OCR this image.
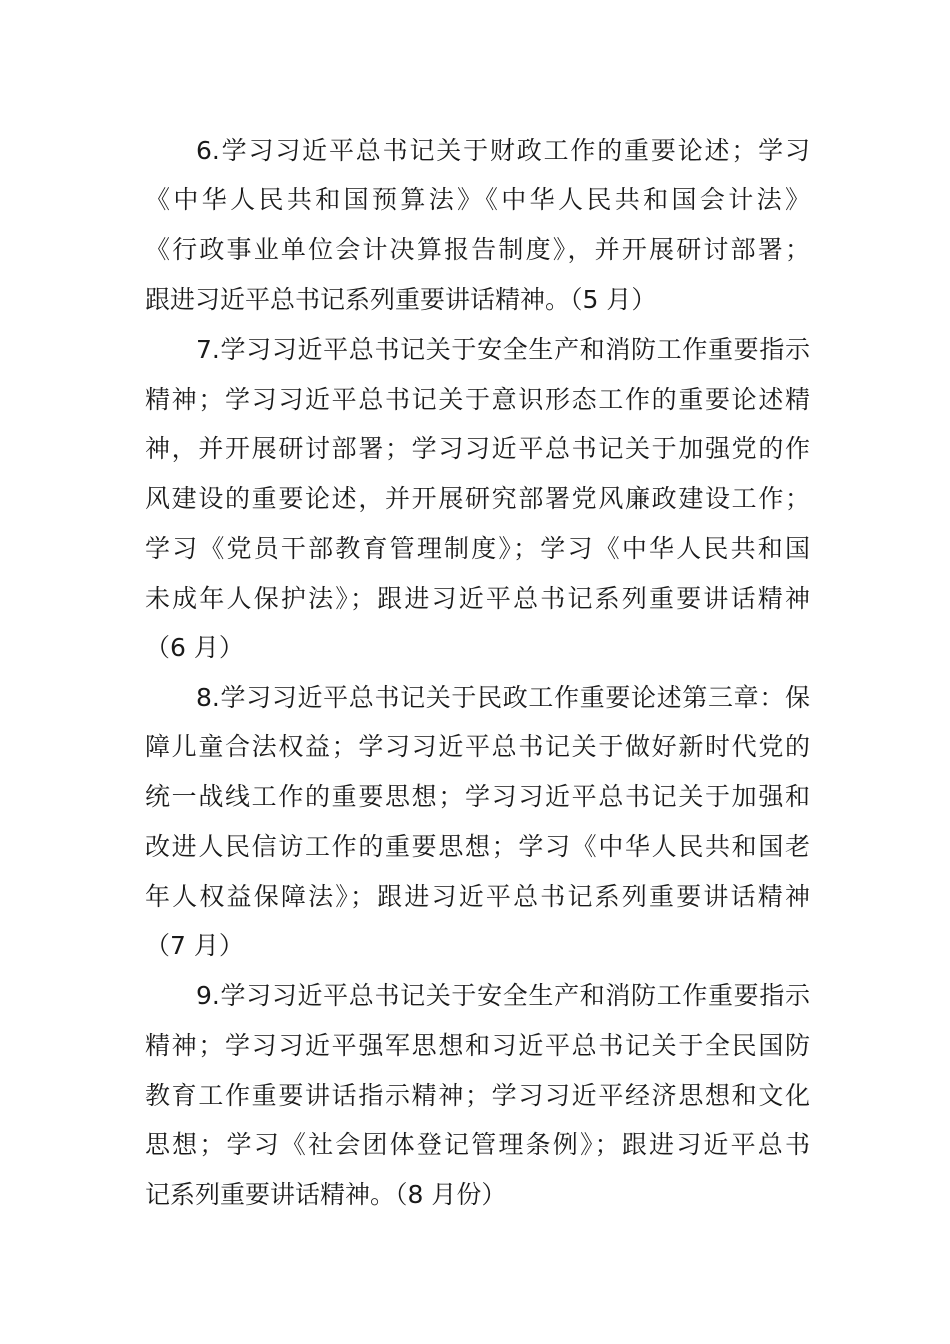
6.学习习近平总书记关于财政工作的重要论述；学习
《中华人民共和国预算法》《中华人民共和国会计法》
《行政事业单位会计决算报告制度》，并开展研讨部署；
跟进习近平总书记系列重要讲话精神。（5 月）
7.学习习近平总书记关于安全生产和消防工作重要指示
精神；学习习近平总书记关于意识形态工作的重要论述精
神，并开展研讨部署；学习习近平总书记关于加强党的作
风建设的重要论述，并开展研究部署党风廉政建设工作；
学习《党员干部教育管理制度》；学习《中华人民共和国
未成年人保护法》；跟进习近平总书记系列重要讲话精神
（6 月）
8.学习习近平总书记关于民政工作重要论述第三章：保
障儿童合法权益；学习习近平总书记关于做好新时代党的
统一战线工作的重要思想；学习习近平总书记关于加强和
改进人民信访工作的重要思想；学习《中华人民共和国老
年人权益保障法》；跟进习近平总书记系列重要讲话精神
（7 月）
9.学习习近平总书记关于安全生产和消防工作重要指示
精神；学习习近平强军思想和习近平总书记关于全民国防
教育工作重要讲话指示精神；学习习近平经济思想和文化
思想；学习《社会团体登记管理条例》；跟进习近平总书
记系列重要讲话精神。（8 月份）
